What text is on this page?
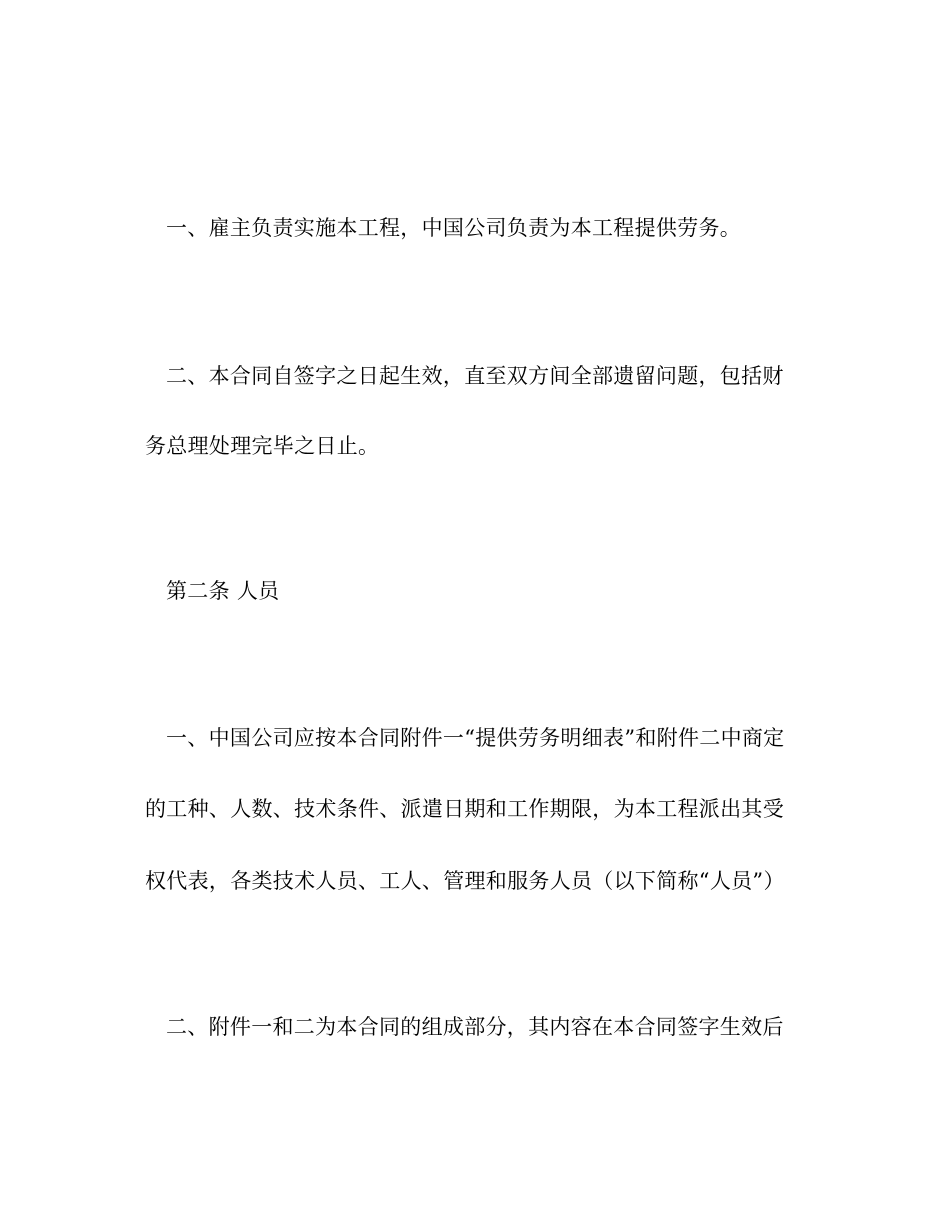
一、雇主负责实施本工程，中国公司负责为本工程提供劳务。
二、本合同自签字之日起生效，直至双方间全部遗留问题，包括财
务总理处理完毕之日止。
第二条 人员
一、中国公司应按本合同附件一“提供劳务明细表”和附件二中商定
的工种、人数、技术条件、派遣日期和工作期限，为本工程派出其受
权代表，各类技术人员、工人、管理和服务人员（以下简称“人员”）
二、附件一和二为本合同的组成部分，其内容在本合同签字生效后
